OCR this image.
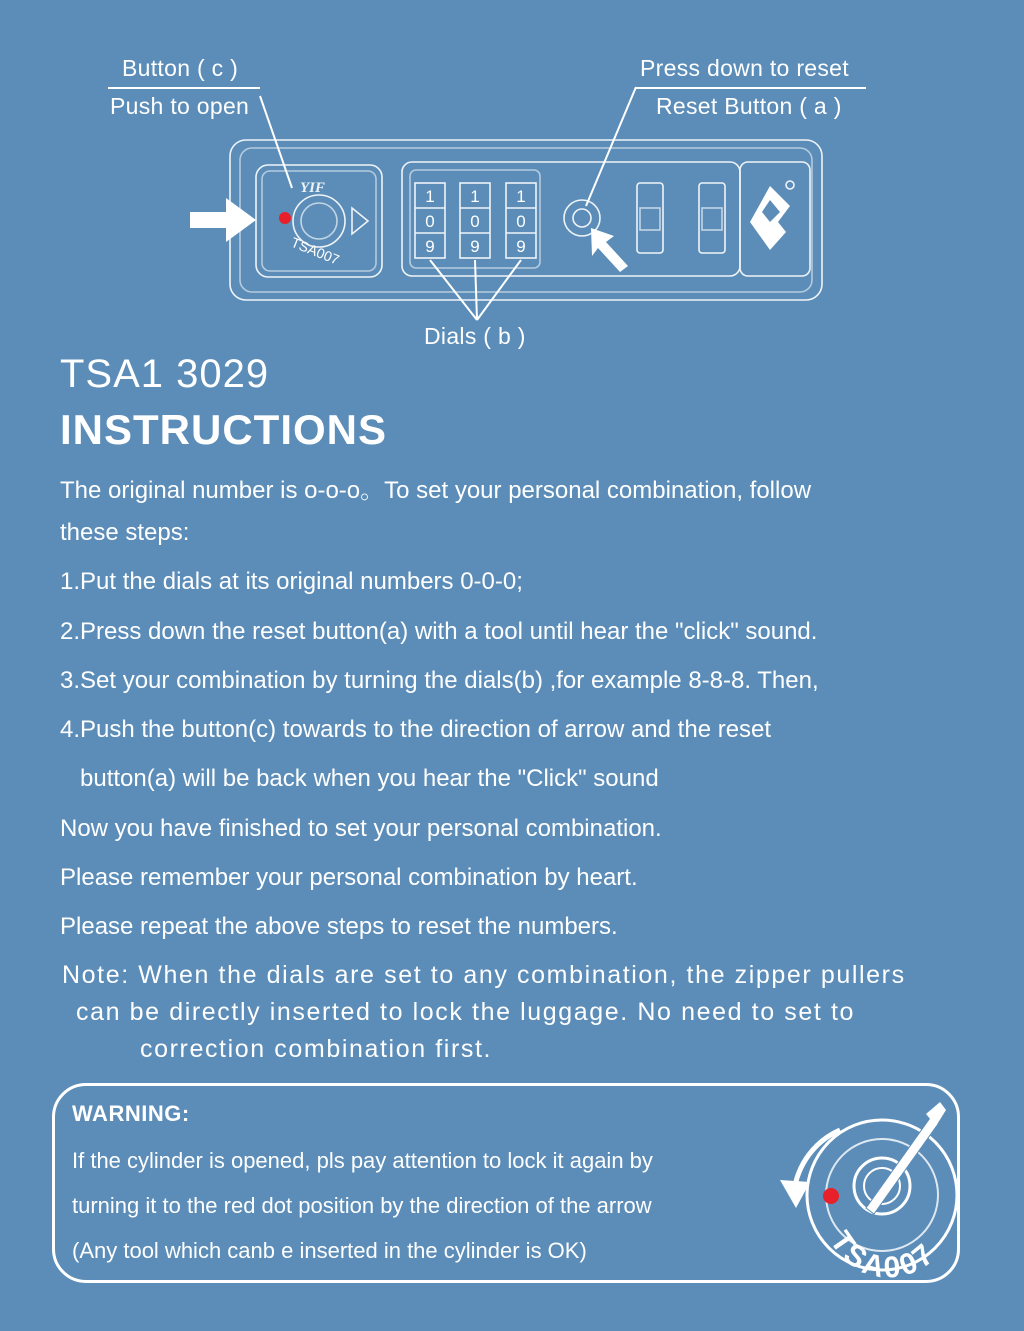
1
0
9
1
0
9
1
0
9
YIF
TSA007
Button ( c )
Push to open
Press down to reset
Reset Button ( a )
Dials ( b )
TSA1 3029
INSTRUCTIONS
The original number is o-o-o。To set your personal combination, follow
these steps:
1.Put the dials at its original numbers 0-0-0;
2.Press down the reset button(a) with a tool until hear the "click" sound.
3.Set your combination by turning the dials(b) ,for example 8-8-8. Then,
4.Push the button(c) towards to the direction of arrow and the reset
button(a) will be back when you hear the "Click" sound
Now you have finished to set your personal combination.
Please remember your personal combination by heart.
Please repeat the above steps to reset the numbers.
Note: When the dials are set to any combination, the zipper pullers
can be directly inserted to lock the luggage. No need to set to
correction combination first.
WARNING:
If the cylinder is opened, pls pay attention to lock it again by
turning it to the red dot position by the direction of the arrow
(Any tool which canb e inserted in the cylinder is OK)	TSA007
